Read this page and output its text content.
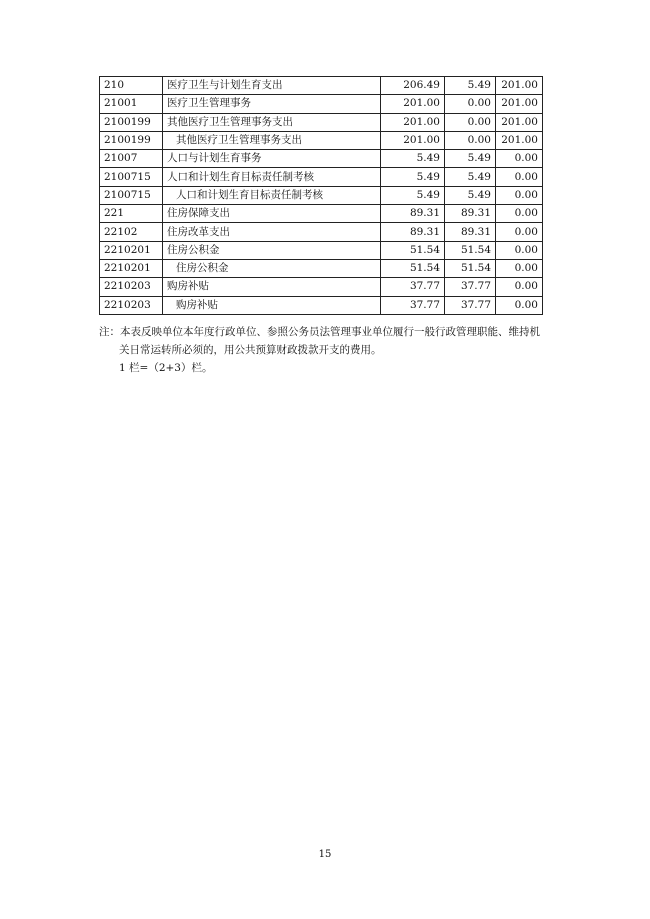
210	医疗卫生与计划生育支出	206.49	5.49	201.00
21001	医疗卫生管理事务	201.00	0.00	201.00
2100199	其他医疗卫生管理事务支出	201.00	0.00	201.00
2100199	其他医疗卫生管理事务支出	201.00	0.00	201.00
21007	人口与计划生育事务	5.49	5.49	0.00
2100715	人口和计划生育目标责任制考核	5.49	5.49	0.00
2100715	人口和计划生育目标责任制考核	5.49	5.49	0.00
221	住房保障支出	89.31	89.31	0.00
22102	住房改革支出	89.31	89.31	0.00
2210201	住房公积金	51.54	51.54	0.00
2210201	住房公积金	51.54	51.54	0.00
2210203	购房补贴	37.77	37.77	0.00
2210203	购房补贴	37.77	37.77	0.00
注：本表反映单位本年度行政单位、参照公务员法管理事业单位履行一般行政管理职能、维持机
关日常运转所必须的，用公共预算财政拨款开支的费用。
1 栏=（2+3）栏。
15
